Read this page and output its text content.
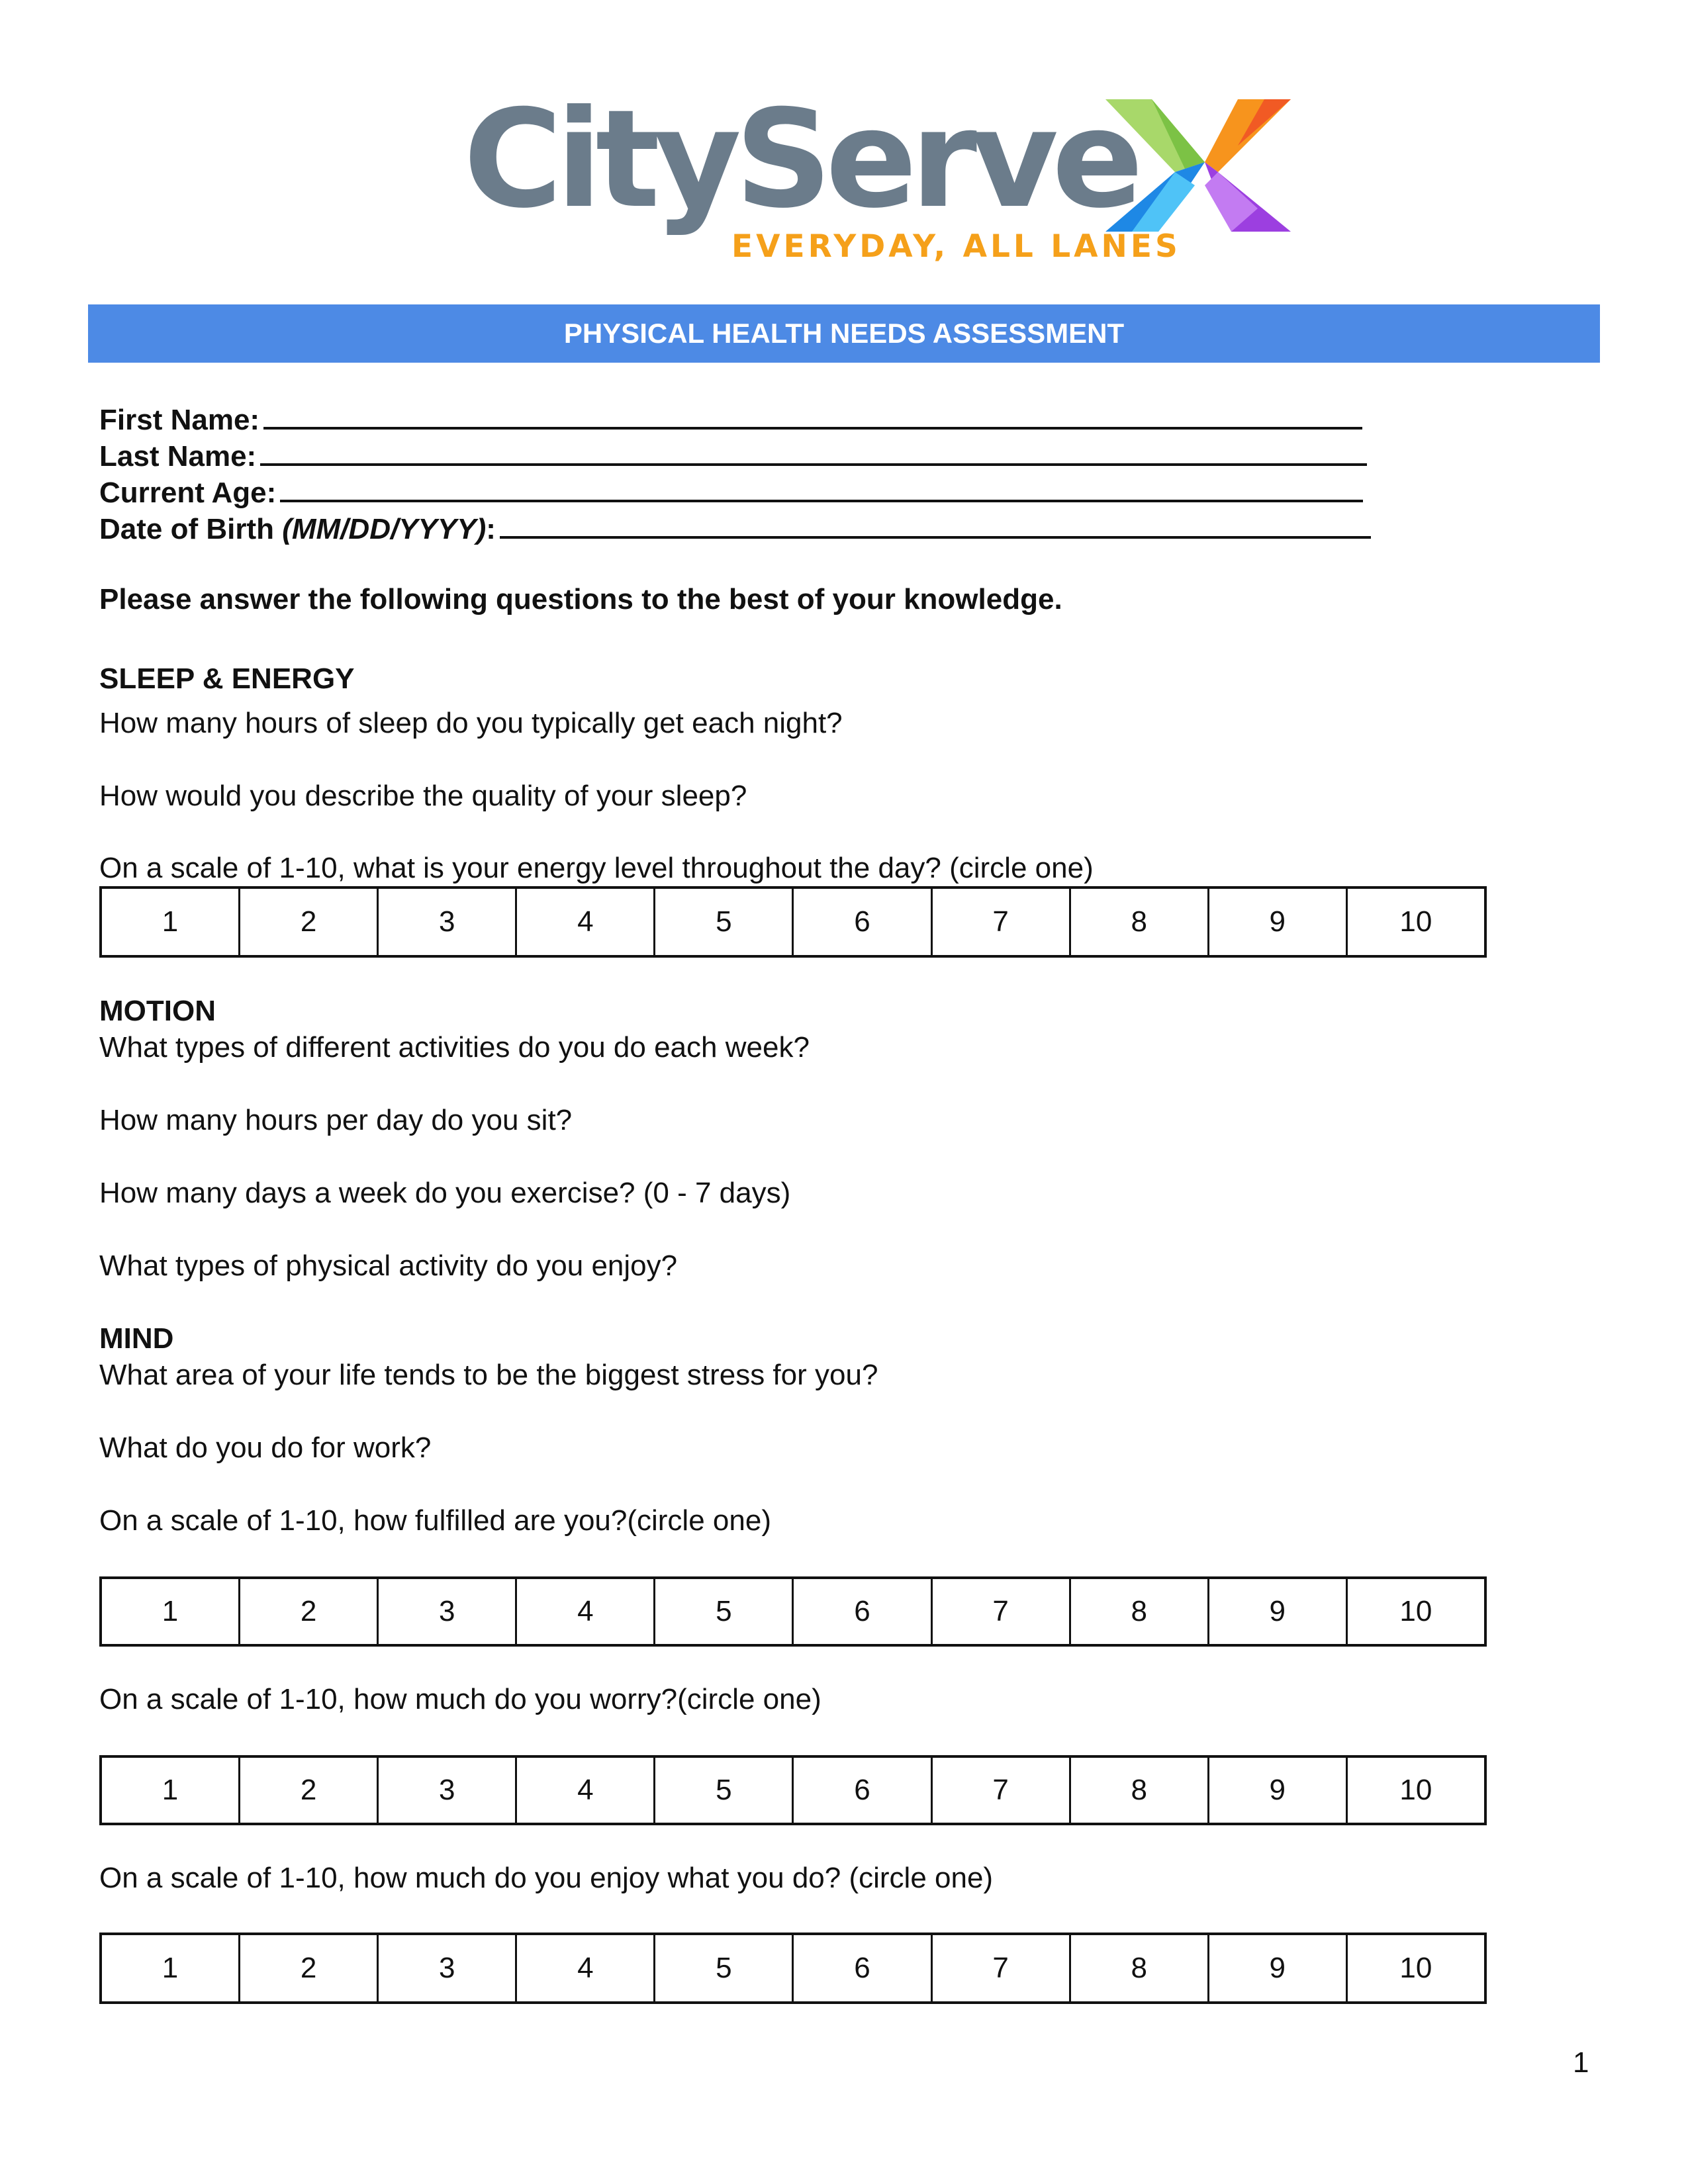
CityServe
EVERYDAY, ALL LANES
PHYSICAL HEALTH NEEDS ASSESSMENT
First Name:
Last Name:
Current Age:
Date of Birth (MM/DD/YYYY):
Please answer the following questions to the best of your knowledge.
SLEEP & ENERGY
How many hours of sleep do you typically get each night?
How would you describe the quality of your sleep?
On a scale of 1-10, what is your energy level throughout the day? (circle one)
1	2	3	4	5	6	7	8	9	10
MOTION
What types of different activities do you do each week?
How many hours per day do you sit?
How many days a week do you exercise? (0 - 7 days)
What types of physical activity do you enjoy?
MIND
What area of your life tends to be the biggest stress for you?
What do you do for work?
On a scale of 1-10, how fulfilled are you?(circle one)
1	2	3	4	5	6	7	8	9	10
On a scale of 1-10, how much do you worry?(circle one)
1	2	3	4	5	6	7	8	9	10
On a scale of 1-10, how much do you enjoy what you do? (circle one)
1	2	3	4	5	6	7	8	9	10
1
